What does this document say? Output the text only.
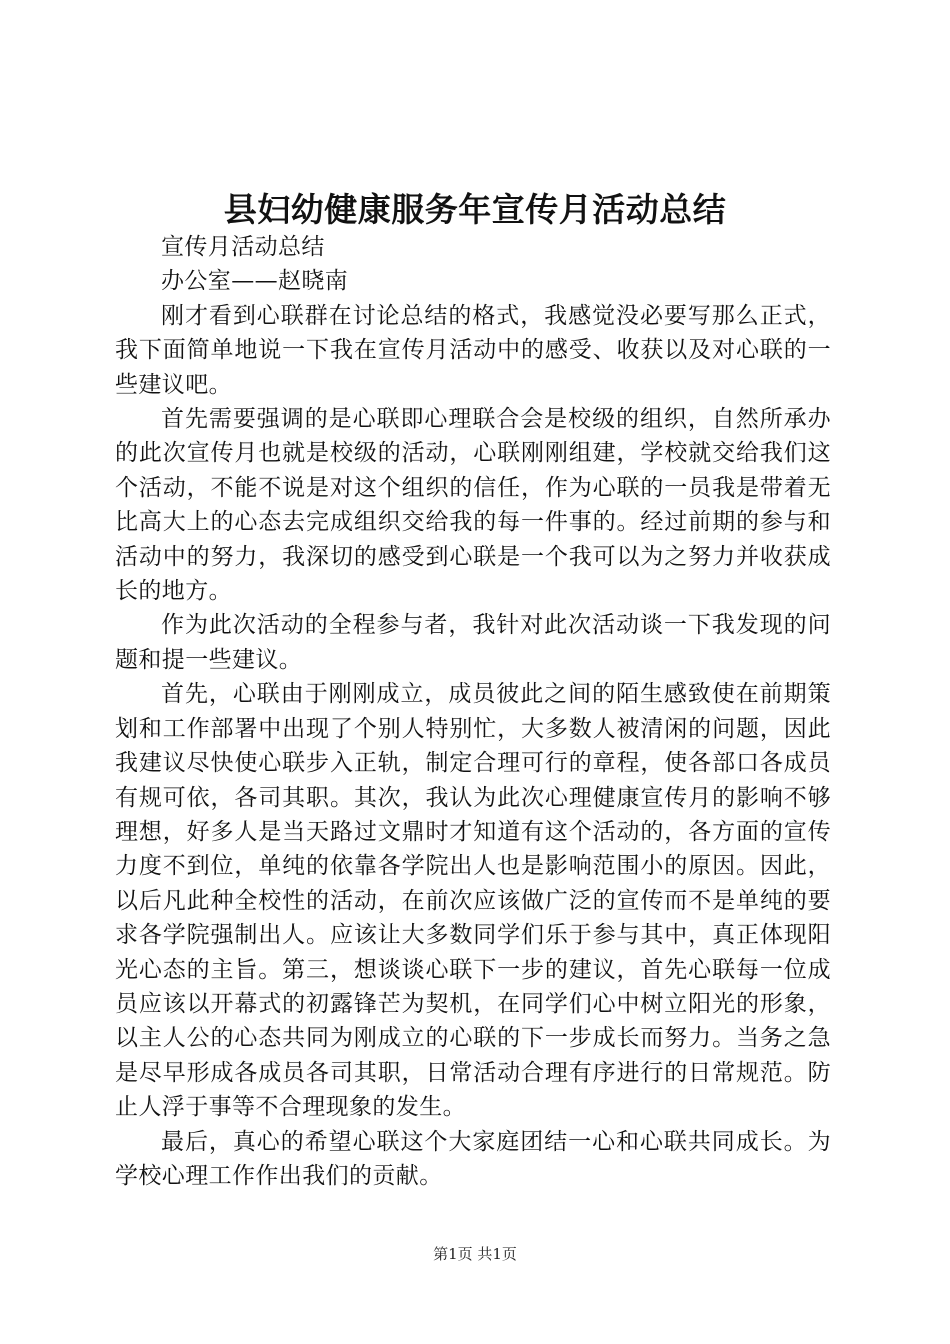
县妇幼健康服务年宣传月活动总结

宣传月活动总结

办公室——赵晓南

刚才看到心联群在讨论总结的格式，我感觉没必要写那么正式，我下面简单地说一下我在宣传月活动中的感受、收获以及对心联的一些建议吧。

首先需要强调的是心联即心理联合会是校级的组织，自然所承办的此次宣传月也就是校级的活动，心联刚刚组建，学校就交给我们这个活动，不能不说是对这个组织的信任，作为心联的一员我是带着无比高大上的心态去完成组织交给我的每一件事的。经过前期的参与和活动中的努力，我深切的感受到心联是一个我可以为之努力并收获成长的地方。

作为此次活动的全程参与者，我针对此次活动谈一下我发现的问题和提一些建议。

首先，心联由于刚刚成立，成员彼此之间的陌生感致使在前期策划和工作部署中出现了个别人特别忙，大多数人被清闲的问题，因此我建议尽快使心联步入正轨，制定合理可行的章程，使各部口各成员有规可依，各司其职。其次，我认为此次心理健康宣传月的影响不够理想，好多人是当天路过文鼎时才知道有这个活动的，各方面的宣传力度不到位，单纯的依靠各学院出人也是影响范围小的原因。因此，以后凡此种全校性的活动，在前次应该做广泛的宣传而不是单纯的要求各学院强制出人。应该让大多数同学们乐于参与其中，真正体现阳光心态的主旨。第三，想谈谈心联下一步的建议，首先心联每一位成员应该以开幕式的初露锋芒为契机，在同学们心中树立阳光的形象，以主人公的心态共同为刚成立的心联的下一步成长而努力。当务之急是尽早形成各成员各司其职，日常活动合理有序进行的日常规范。防止人浮于事等不合理现象的发生。

最后，真心的希望心联这个大家庭团结一心和心联共同成长。为学校心理工作作出我们的贡献。

第1页 共1页
